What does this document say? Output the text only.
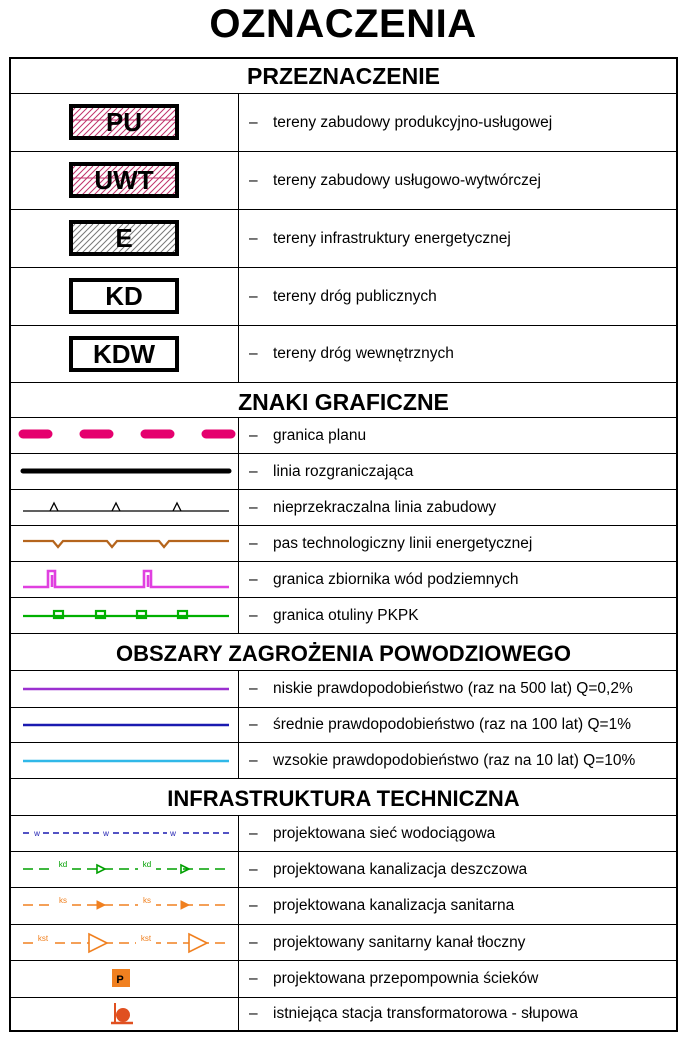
OZNACZENIA
PRZEZNACZENIE
PU	– tereny zabudowy produkcyjno-usługowej
UWT	– tereny zabudowy usługowo-wytwórczej
E	– tereny infrastruktury energetycznej
KD	– tereny dróg publicznych
KDW	– tereny dróg wewnętrznych
ZNAKI GRAFICZNE
– granica planu
– linia rozgraniczająca
– nieprzekraczalna linia zabudowy
– pas technologiczny linii energetycznej
– granica zbiornika wód podziemnych
– granica otuliny PKPK
OBSZARY ZAGROŻENIA POWODZIOWEGO
– niskie prawdopodobieństwo (raz na 500 lat) Q=0,2%
– średnie prawdopodobieństwo (raz na 100 lat) Q=1%
– wzsokie prawdopodobieństwo (raz na 10 lat) Q=10%
INFRASTRUKTURA TECHNICZNA
w	w	w	– projektowana sieć wodociągowa
kd	kd	– projektowana kanalizacja deszczowa
ks	ks	– projektowana kanalizacja sanitarna
kst	kst	– projektowany sanitarny kanał tłoczny
P	– projektowana przepompownia ścieków
– istniejąca stacja transformatorowa - słupowa
